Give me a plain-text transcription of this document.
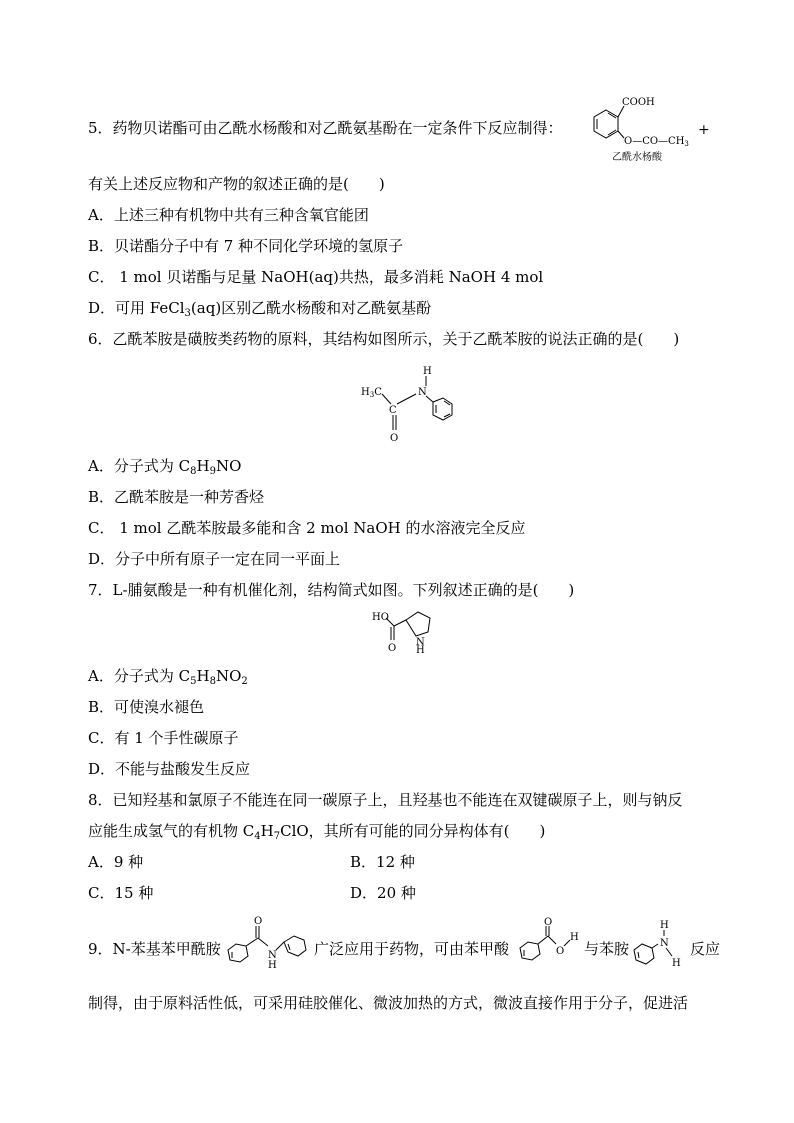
5．药物贝诺酯可由乙酰水杨酸和对乙酰氨基酚在一定条件下反应制得：
COOH
$O—CO—CH_3$
乙酰水杨酸
+
有关上述反应物和产物的叙述正确的是(　　)
A．上述三种有机物中共有三种含氧官能团
B．贝诺酯分子中有 7 种不同化学环境的氢原子
C． 1 mol 贝诺酯与足量 NaOH(aq)共热，最多消耗 NaOH 4 mol
D．可用 FeCl$_3$(aq)区别乙酰水杨酸和对乙酰氨基酚
6．乙酰苯胺是磺胺类药物的原料，其结构如图所示，关于乙酰苯胺的说法正确的是(　　)
H
$H_3C$
C
N
O
A．分子式为 $C_8H_9NO$
B．乙酰苯胺是一种芳香烃
C． 1 mol 乙酰苯胺最多能和含 2 mol NaOH 的水溶液完全反应
D．分子中所有原子一定在同一平面上
7．L-脯氨酸是一种有机催化剂，结构简式如图。下列叙述正确的是(　　)
HO
O
N
H
A．分子式为 $C_5H_8NO_2$
B．可使溴水褪色
C．有 1 个手性碳原子
D．不能与盐酸发生反应
8．已知羟基和氯原子不能连在同一碳原子上，且羟基也不能连在双键碳原子上，则与钠反
应能生成氢气的有机物 $C_4H_7ClO$，其所有可能的同分异构体有(　　)
A．9 种	B．12 种
C．15 种	D．20 种
9．N-苯基苯甲酰胺
O
N
H
广泛应用于药物，可由苯甲酸
O
O
H
与苯胺
H
N
H
反应
制得，由于原料活性低，可采用硅胶催化、微波加热的方式，微波直接作用于分子，促进活
